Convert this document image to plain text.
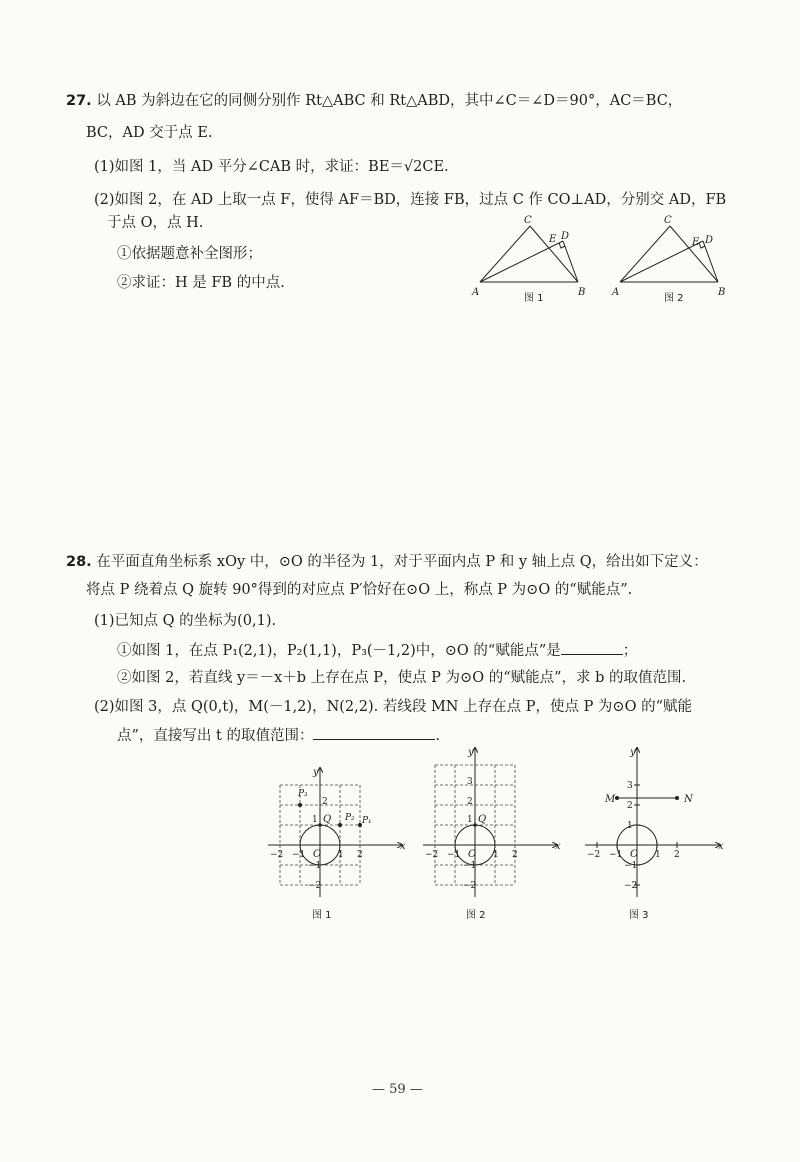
27. 以 AB 为斜边在它的同侧分别作 Rt△ABC 和 Rt△ABD，其中∠C＝∠D＝90°，AC＝BC，
BC，AD 交于点 E.
(1)如图 1，当 AD 平分∠CAB 时，求证：BE＝√2CE.
(2)如图 2，在 AD 上取一点 F，使得 AF＝BD，连接 FB，过点 C 作 CO⊥AD，分别交 AD，FB
于点 O，点 H.
①依据题意补全图形；
②求证：H 是 FB 的中点.
A	B
C
D
E
图 1
A	B
C
D
E
图 2
28. 在平面直角坐标系 xOy 中，⊙O 的半径为 1，对于平面内点 P 和 y 轴上点 Q，给出如下定义：
将点 P 绕着点 Q 旋转 90°得到的对应点 P′恰好在⊙O 上，称点 P 为⊙O 的“赋能点”.
(1)已知点 Q 的坐标为(0,1).
①如图 1，在点 P₁(2,1)，P₂(1,1)，P₃(－1,2)中，⊙O 的“赋能点”是	；
②如图 2，若直线 y＝－x＋b 上存在点 P，使点 P 为⊙O 的“赋能点”，求 b 的取值范围.
(2)如图 3，点 Q(0,t)，M(－1,2)，N(2,2). 若线段 MN 上存在点 P，使点 P 为⊙O 的“赋能
点”，直接写出 t 的取值范围：	.
x
y
O
Q	P₁
P₂
P₃
−2 −1	1 2
2
1
−1
−2
x
y
O
Q
−2 −1	1 2
3
2
1
−1
−2
x
y
O
M	N
−2 −1	1 2
3
2
1
−1
−2
图 1	图 2	图 3
— 59 —
